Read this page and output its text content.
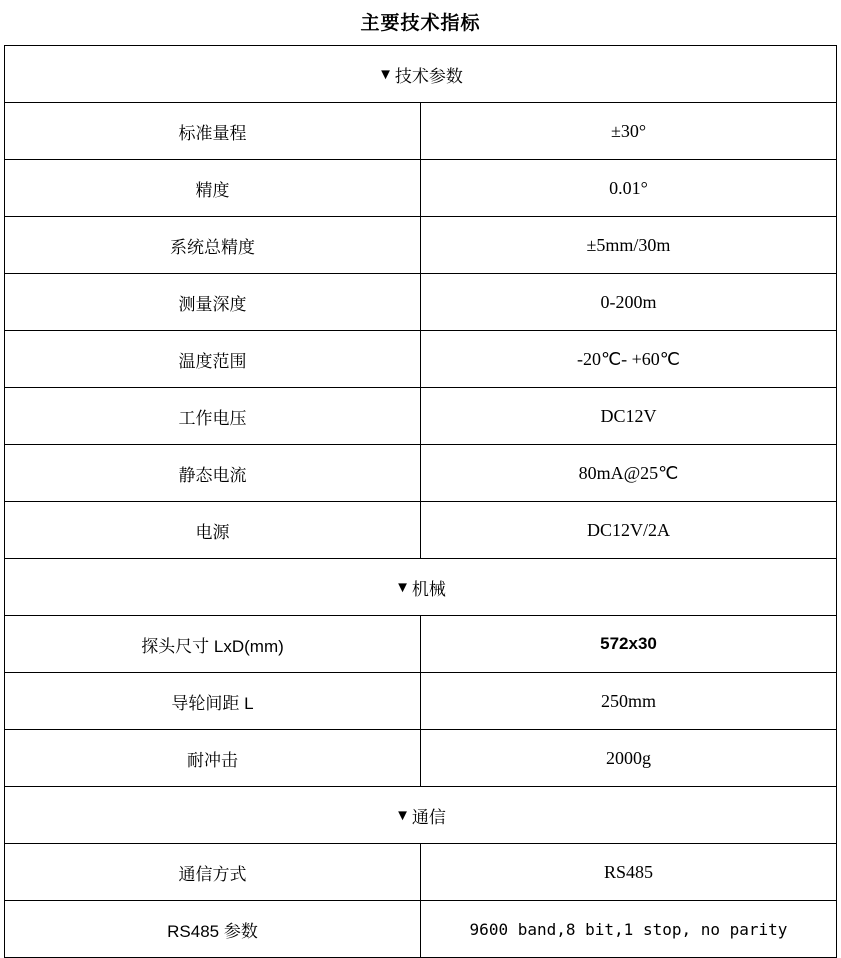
主要技术指标
▼ 技术参数	
标准量程	±30°
精度	0.01°
系统总精度	±5mm/30m
测量深度	0-200m
温度范围	-20℃- +60℃
工作电压	DC12V
静态电流	80mA@25℃
电源	DC12V/2A
▼ 机械	
探头尺寸 LxD(mm)	572x30
导轮间距 L	250mm
耐冲击	2000g
▼ 通信	
通信方式	RS485
RS485 参数	9600 band,8 bit,1 stop, no parity
